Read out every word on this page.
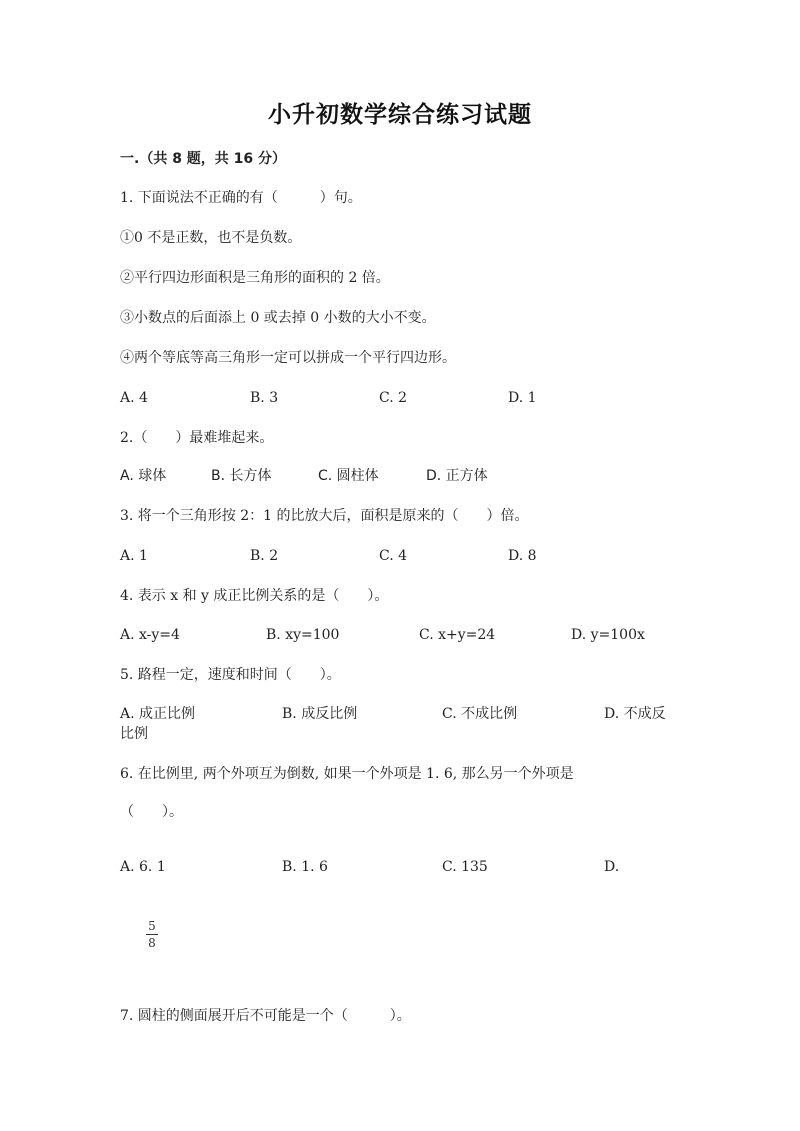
小升初数学综合练习试题
一.（共 8 题，共 16 分）
1. 下面说法不正确的有（　　　）句。
①0 不是正数，也不是负数。
②平行四边形面积是三角形的面积的 2 倍。
③小数点的后面添上 0 或去掉 0 小数的大小不变。
④两个等底等高三角形一定可以拼成一个平行四边形。
A. 4	B. 3	C. 2	D. 1
2.（　　）最难堆起来。
A. 球体	B. 长方体	C. 圆柱体	D. 正方体
3. 将一个三角形按 2：1 的比放大后，面积是原来的（　　）倍。
A. 1	B. 2	C. 4	D. 8
4. 表示 x 和 y 成正比例关系的是（　　）。
A. x-y=4	B. xy=100	C. x+y=24	D. y=100x
5. 路程一定，速度和时间（　　）。
A. 成正比例	B. 成反比例	C. 不成比例	D. 不成反
比例
6. 在比例里, 两个外项互为倒数, 如果一个外项是 1. 6, 那么另一个外项是
（　　）。
A. 6. 1	B. 1. 6	C. 135	D.
5
8
7. 圆柱的侧面展开后不可能是一个（　　　）。
